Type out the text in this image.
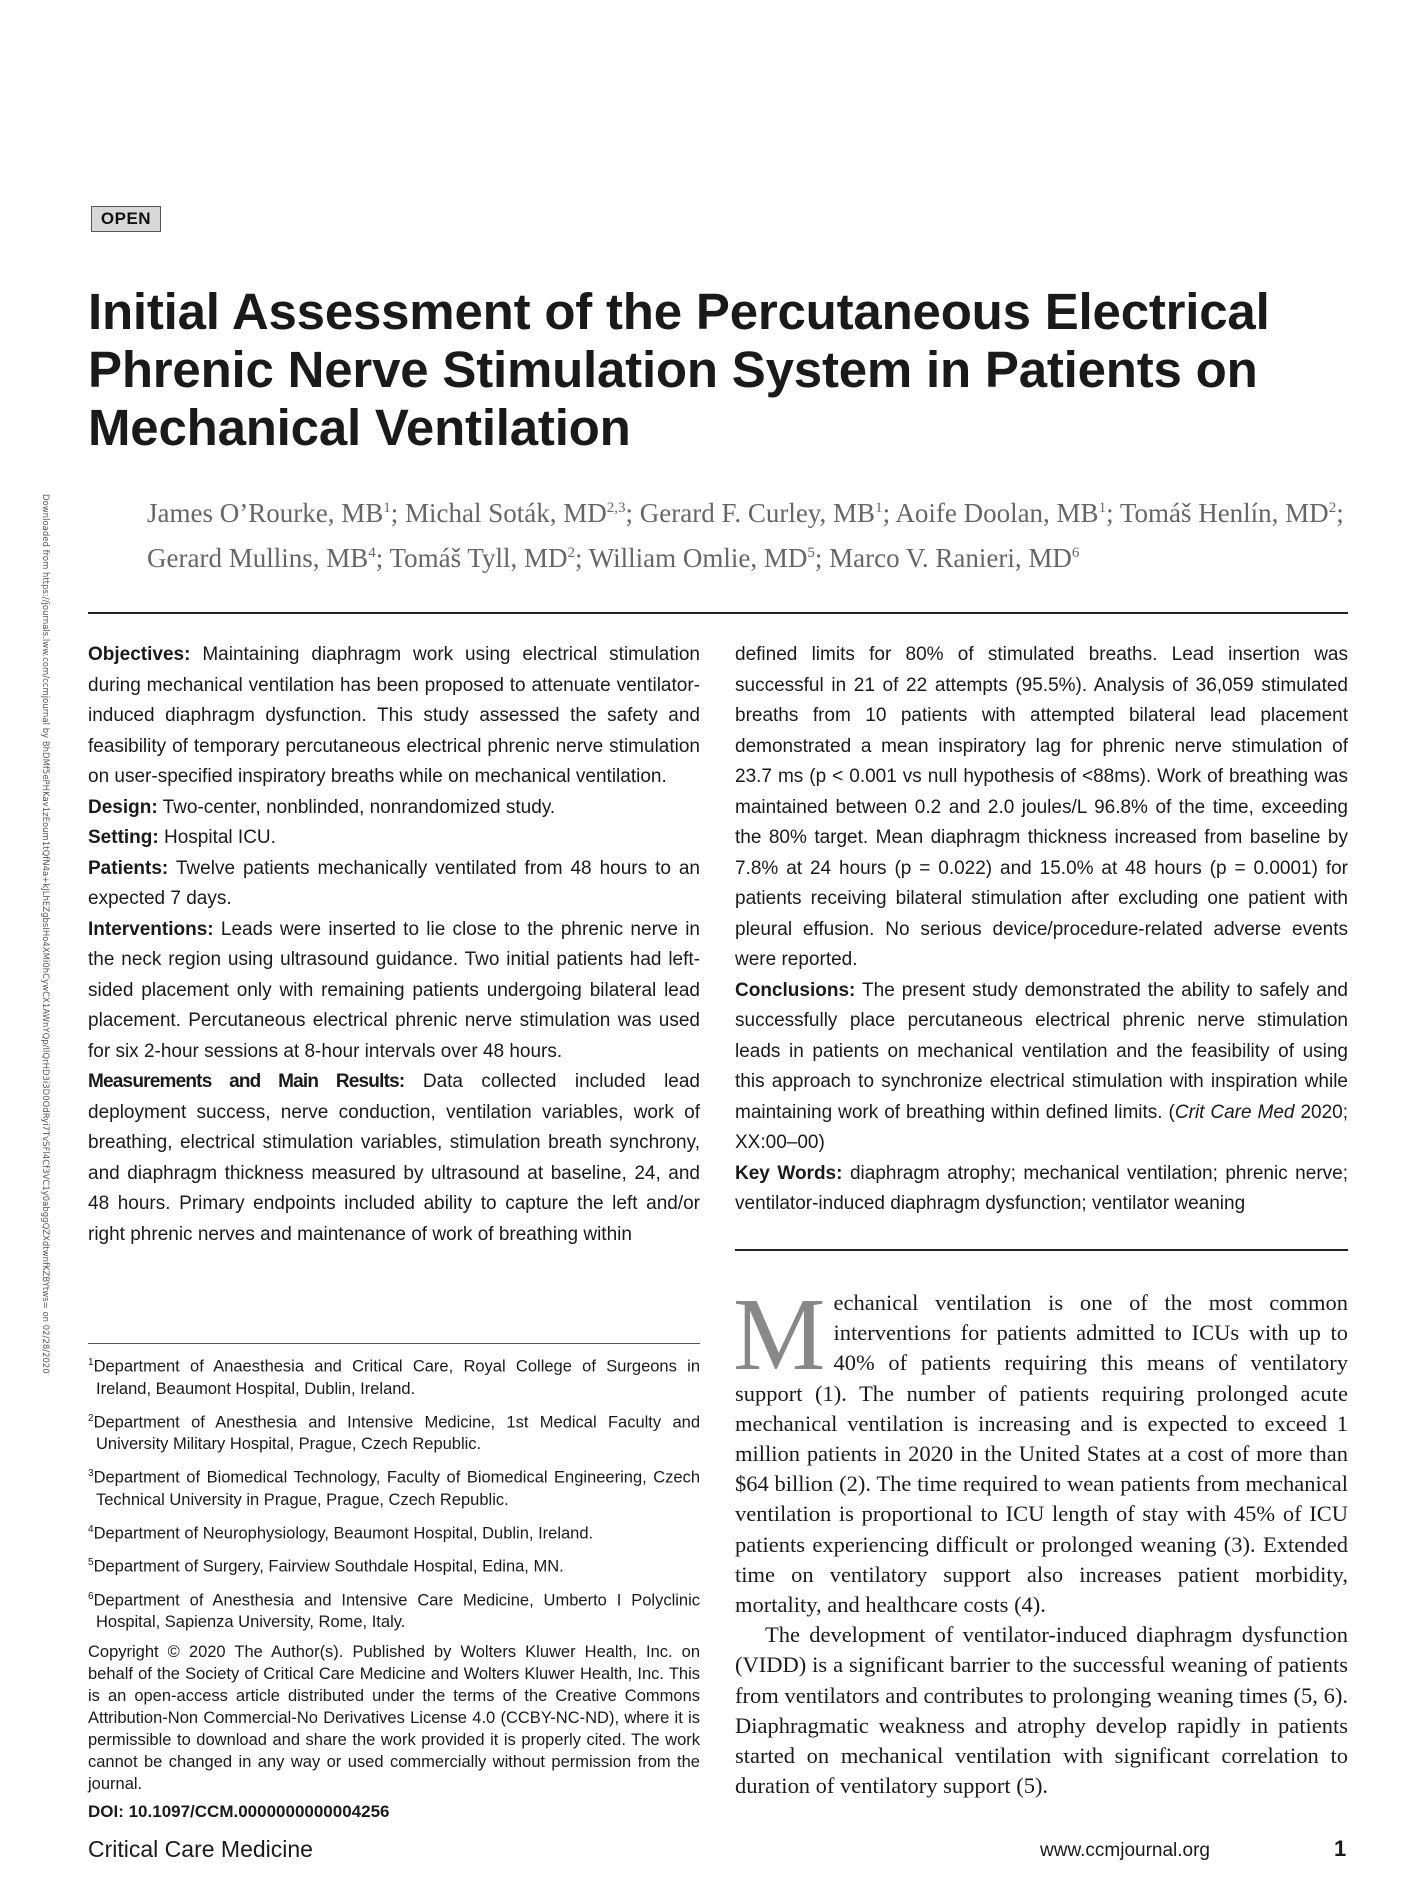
OPEN
Initial Assessment of the Percutaneous Electrical Phrenic Nerve Stimulation System in Patients on Mechanical Ventilation
James O’Rourke, $MB^1$; Michal Soták, MD$^{2,3}$; Gerard F. Curley, $MB^1$; Aoife Doolan, $MB^1$; Tomáš Henlín, $MD^2$; Gerard Mullins, $MB^4$; Tomáš Tyll, $MD^2$; William Omlie, $MD^5$; Marco V. Ranieri, $MD^6$
Downloaded from https://journals.lww.com/ccmjournal by BhDMf5ePHKav1zEoum1tQfN4a+kJLhEZgbsIHo4XMi0hCywCX1AWnYQp/IlQrHD3i3D0OdRyi7TvSFl4Cf3VC1y0abggQZXdtwnfKZBYtws= on 02/28/2020 Objectives: Maintaining diaphragm work using electrical stimulation during mechanical ventilation has been proposed to attenuate ventilator-induced diaphragm dysfunction. This study assessed the safety and feasibility of temporary percutaneous electrical phrenic nerve stimulation on user-specified inspiratory breaths while on mechanical ventilation.

Design: Two-center, nonblinded, nonrandomized study.

Setting: Hospital ICU.

Patients: Twelve patients mechanically ventilated from 48 hours to an expected 7 days.

Interventions: Leads were inserted to lie close to the phrenic nerve in the neck region using ultrasound guidance. Two initial patients had left-sided placement only with remaining patients undergoing bilateral lead placement. Percutaneous electrical phrenic nerve stimulation was used for six 2-hour sessions at 8-hour intervals over 48 hours.

Measurements and Main Results: Data collected included lead deployment success, nerve conduction, ventilation variables, work of breathing, electrical stimulation variables, stimulation breath synchrony, and diaphragm thickness measured by ultrasound at baseline, 24, and 48 hours. Primary endpoints included ability to capture the left and/or right phrenic nerves and maintenance of work of breathing within

defined limits for 80% of stimulated breaths. Lead insertion was successful in 21 of 22 attempts (95.5%). Analysis of 36,059 stimulated breaths from 10 patients with attempted bilateral lead placement demonstrated a mean inspiratory lag for phrenic nerve stimulation of 23.7 ms (p < 0.001 vs null hypothesis of <88ms). Work of breathing was maintained between 0.2 and 2.0 joules/L 96.8% of the time, exceeding the 80% target. Mean diaphragm thickness increased from baseline by 7.8% at 24 hours (p = 0.022) and 15.0% at 48 hours (p = 0.0001) for patients receiving bilateral stimulation after excluding one patient with pleural effusion. No serious device/procedure-related adverse events were reported.

Conclusions: The present study demonstrated the ability to safely and successfully place percutaneous electrical phrenic nerve stimulation leads in patients on mechanical ventilation and the feasibility of using this approach to synchronize electrical stimulation with inspiration while maintaining work of breathing within defined limits. (Crit Care Med 2020; XX:00–00)

Key Words: diaphragm atrophy; mechanical ventilation; phrenic nerve; ventilator-induced diaphragm dysfunction; ventilator weaning

$^1$Department of Anaesthesia and Critical Care, Royal College of Surgeons in Ireland, Beaumont Hospital, Dublin, Ireland.

$^2$Department of Anesthesia and Intensive Medicine, 1st Medical Faculty and University Military Hospital, Prague, Czech Republic.

$^3$Department of Biomedical Technology, Faculty of Biomedical Engineering, Czech Technical University in Prague, Prague, Czech Republic.

$^4$Department of Neurophysiology, Beaumont Hospital, Dublin, Ireland.

$^5$Department of Surgery, Fairview Southdale Hospital, Edina, MN.

$^6$Department of Anesthesia and Intensive Care Medicine, Umberto I Polyclinic Hospital, Sapienza University, Rome, Italy.

Copyright © 2020 The Author(s). Published by Wolters Kluwer Health, Inc. on behalf of the Society of Critical Care Medicine and Wolters Kluwer Health, Inc. This is an open-access article distributed under the terms of the Creative Commons Attribution-Non Commercial-No Derivatives License 4.0 (CCBY-NC-ND), where it is permissible to download and share the work provided it is properly cited. The work cannot be changed in any way or used commercially without permission from the journal.

DOI: 10.1097/CCM.0000000000004256

Mechanical ventilation is one of the most common interventions for patients admitted to ICUs with up to 40% of patients requiring this means of ventilatory support (1). The number of patients requiring prolonged acute mechanical ventilation is increasing and is expected to exceed 1 million patients in 2020 in the United States at a cost of more than $64 billion (2). The time required to wean patients from mechanical ventilation is proportional to ICU length of stay with 45% of ICU patients experiencing difficult or prolonged weaning (3). Extended time on ventilatory support also increases patient morbidity, mortality, and healthcare costs (4).

The development of ventilator-induced diaphragm dysfunction (VIDD) is a significant barrier to the successful weaning of patients from ventilators and contributes to prolonging weaning times (5, 6). Diaphragmatic weakness and atrophy develop rapidly in patients started on mechanical ventilation with significant correlation to duration of ventilatory support (5).

Critical Care Medicine	www.ccmjournal.org	1
